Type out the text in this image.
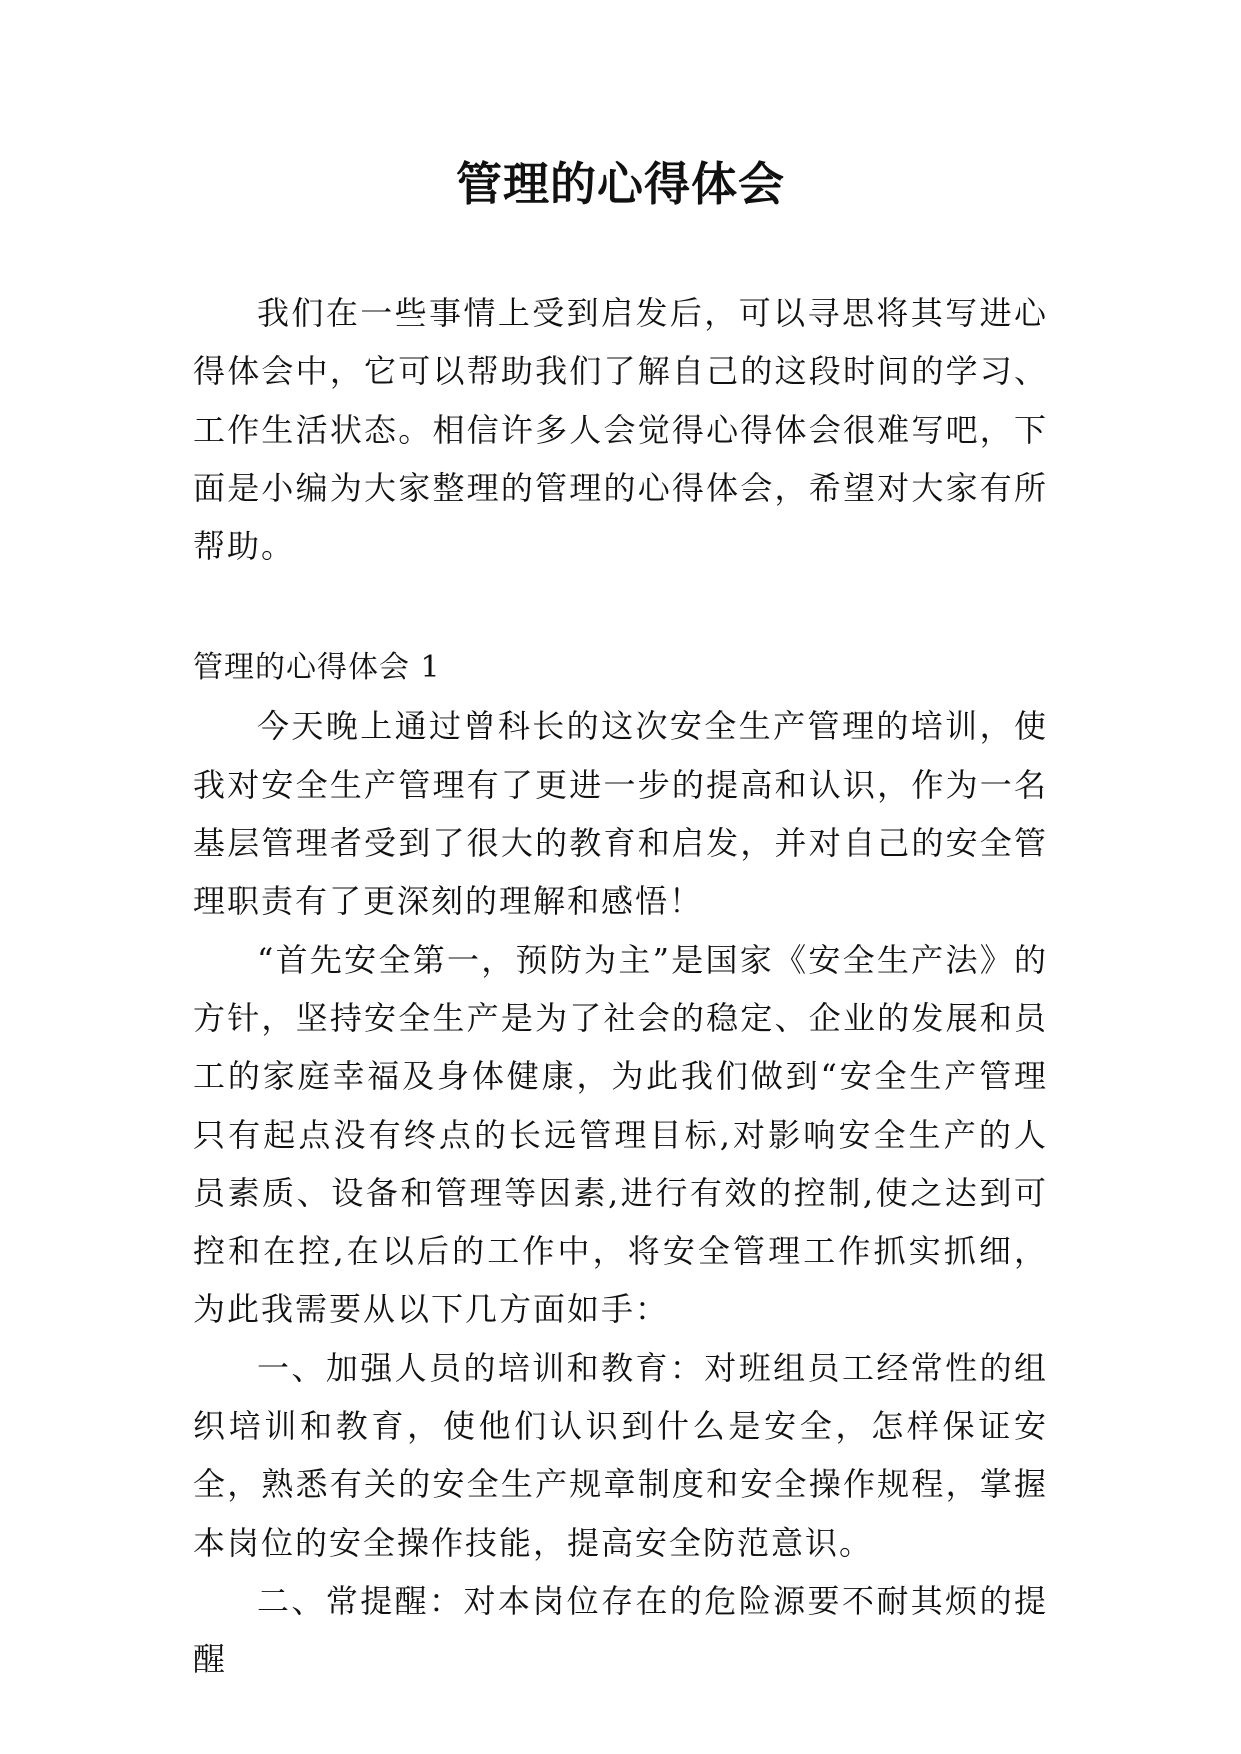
管理的心得体会

我们在一些事情上受到启发后，可以寻思将其写进心得体会中，它可以帮助我们了解自己的这段时间的学习、工作生活状态。相信许多人会觉得心得体会很难写吧，下面是小编为大家整理的管理的心得体会，希望对大家有所帮助。

管理的心得体会 1

今天晚上通过曾科长的这次安全生产管理的培训，使我对安全生产管理有了更进一步的提高和认识，作为一名基层管理者受到了很大的教育和启发，并对自己的安全管理职责有了更深刻的理解和感悟！

“首先安全第一，预防为主”是国家《安全生产法》的方针，坚持安全生产是为了社会的稳定、企业的发展和员工的家庭幸福及身体健康，为此我们做到“安全生产管理只有起点没有终点的长远管理目标,对影响安全生产的人员素质、设备和管理等因素,进行有效的控制,使之达到可控和在控,在以后的工作中，将安全管理工作抓实抓细，为此我需要从以下几方面如手：

一、加强人员的培训和教育：对班组员工经常性的组织培训和教育，使他们认识到什么是安全，怎样保证安全，熟悉有关的安全生产规章制度和安全操作规程，掌握本岗位的安全操作技能，提高安全防范意识。

二、常提醒：对本岗位存在的危险源要不耐其烦的提醒
